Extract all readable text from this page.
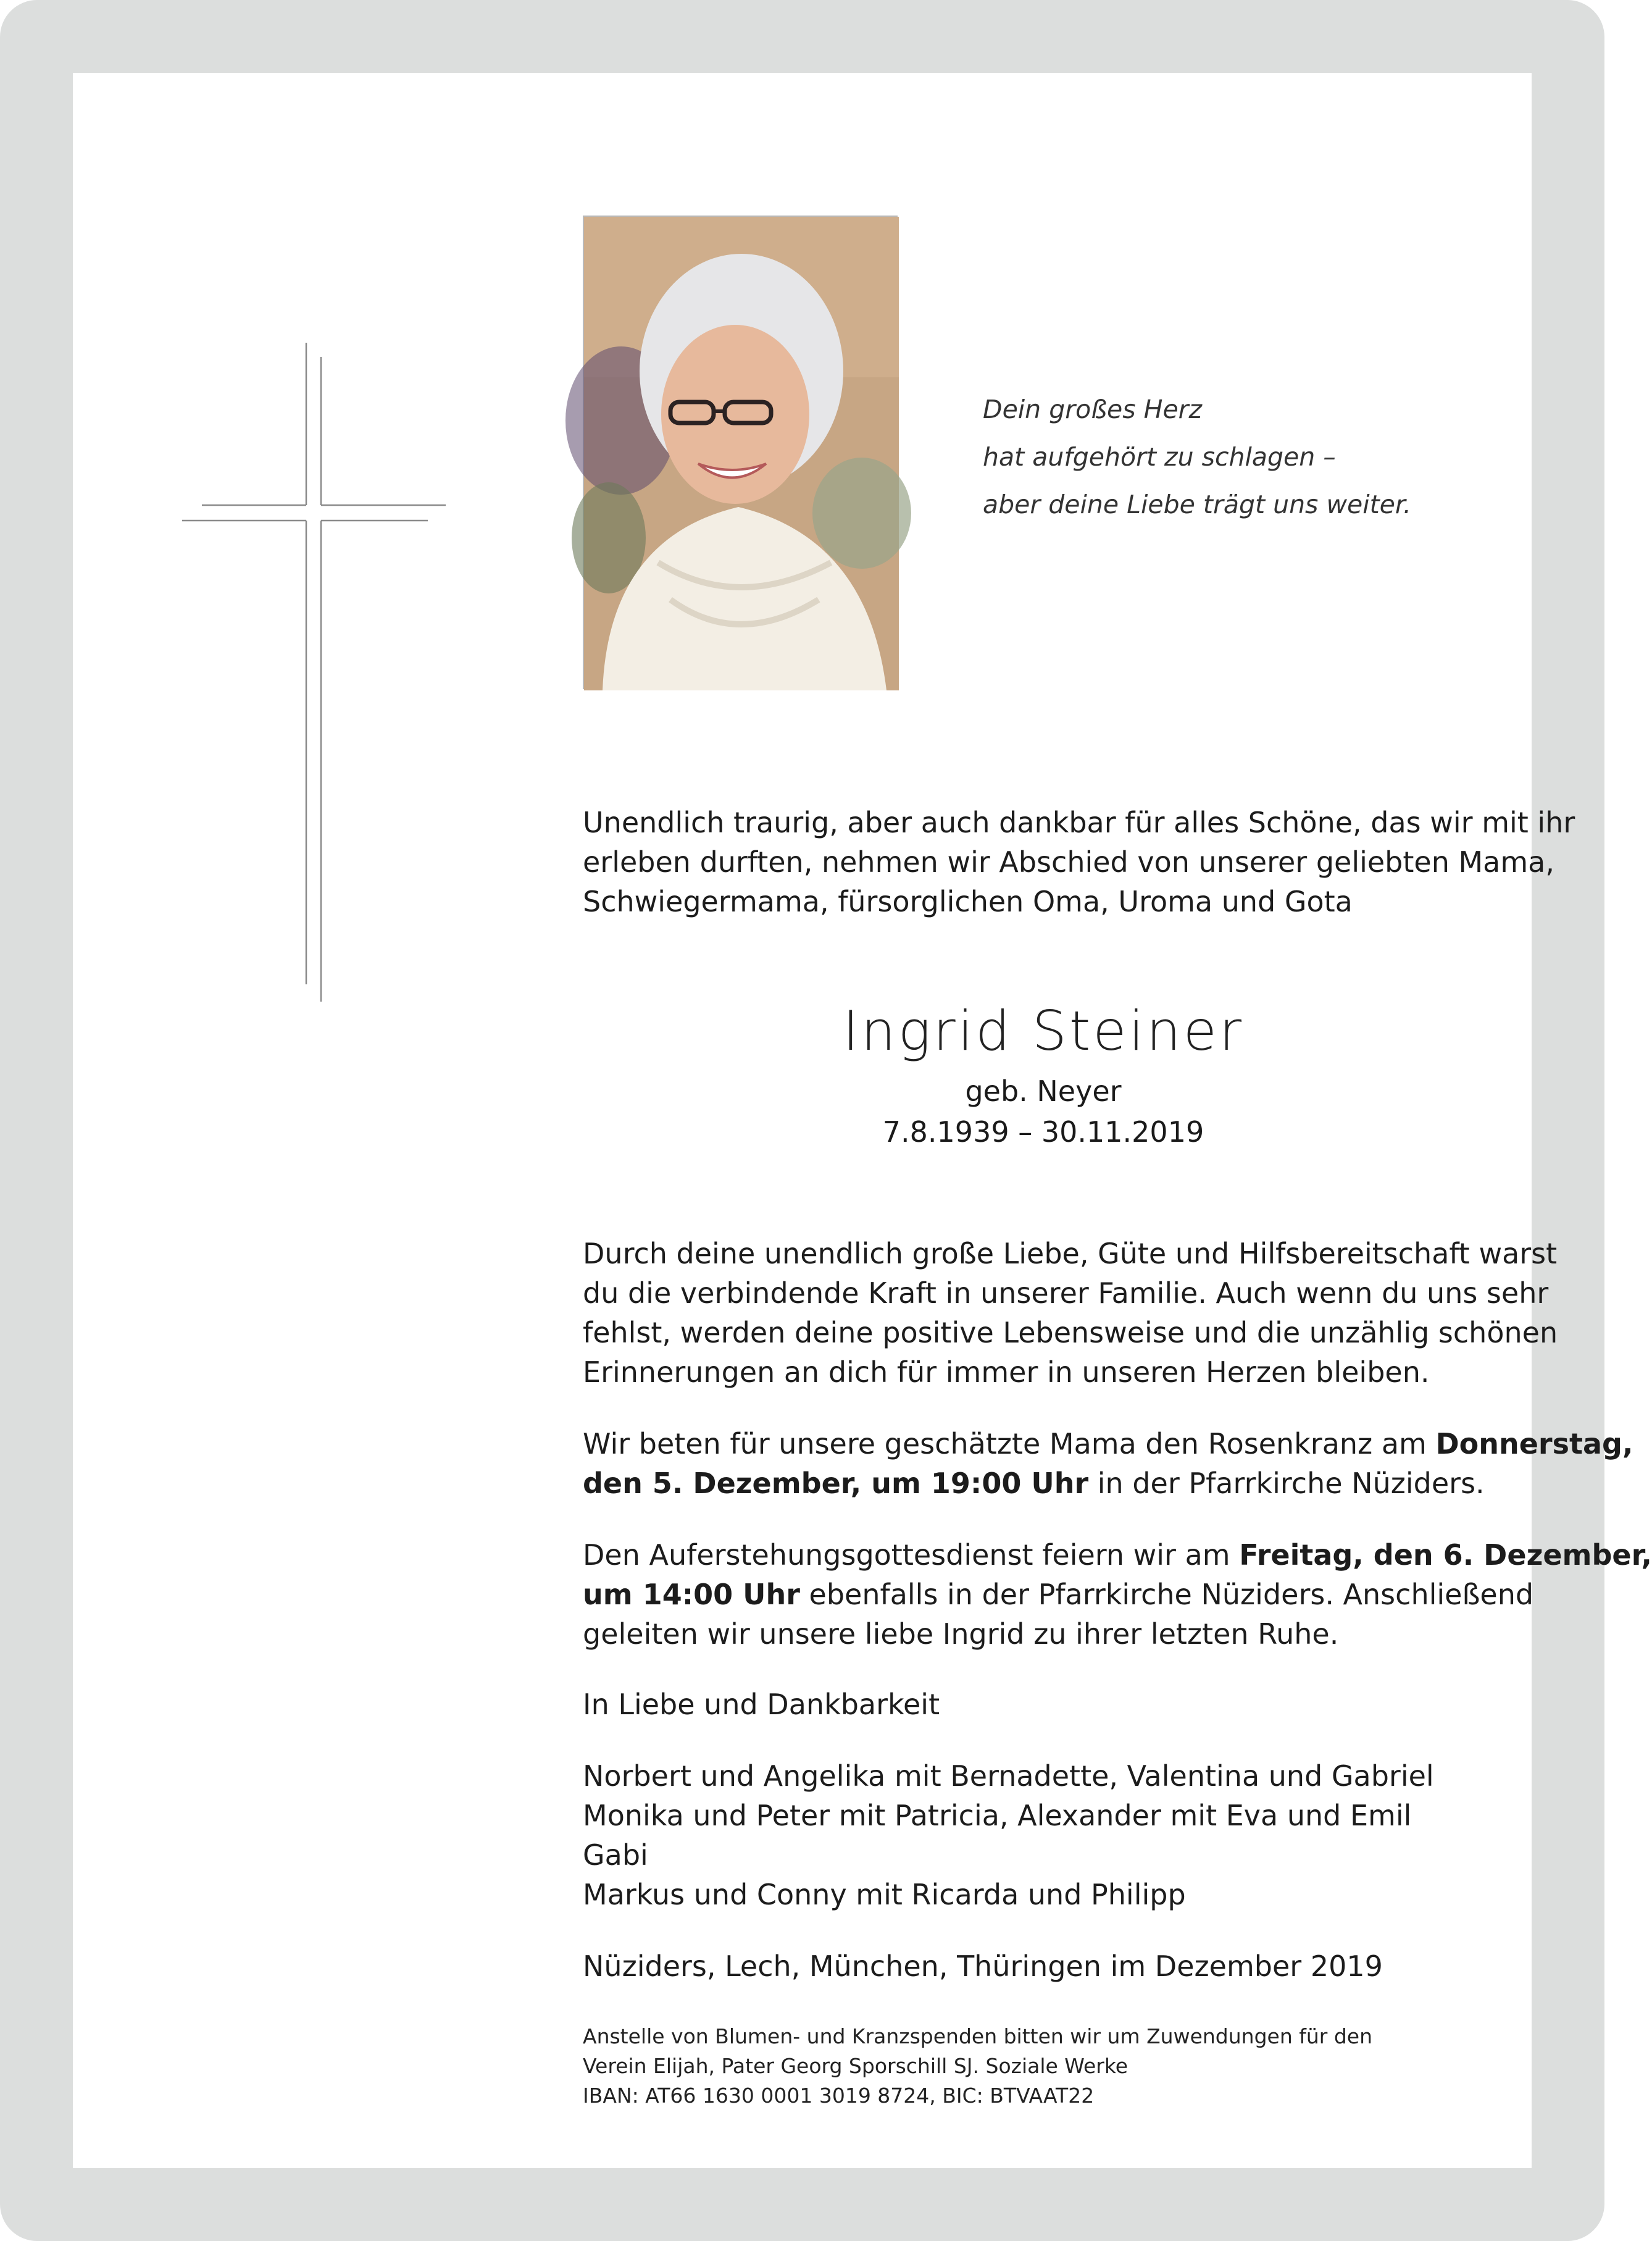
Dein großes Herz
hat aufgehört zu schlagen –
aber deine Liebe trägt uns weiter.
Unendlich traurig, aber auch dankbar für alles Schöne, das wir mit ihr
erleben durften, nehmen wir Abschied von unserer geliebten Mama,
Schwiegermama, fürsorglichen Oma, Uroma und Gota
Ingrid Steiner
geb. Neyer
7.8.1939 – 30.11.2019
Durch deine unendlich große Liebe, Güte und Hilfsbereitschaft warst
du die verbindende Kraft in unserer Familie. Auch wenn du uns sehr
fehlst, werden deine positive Lebensweise und die unzählig schönen
Erinnerungen an dich für immer in unseren Herzen bleiben.
Wir beten für unsere geschätzte Mama den Rosenkranz am Donnerstag,
den 5. Dezember, um 19:00 Uhr in der Pfarrkirche Nüziders.
Den Auferstehungsgottesdienst feiern wir am Freitag, den 6. Dezember,
um 14:00 Uhr ebenfalls in der Pfarrkirche Nüziders. Anschließend
geleiten wir unsere liebe Ingrid zu ihrer letzten Ruhe.
In Liebe und Dankbarkeit
Norbert und Angelika mit Bernadette, Valentina und Gabriel
Monika und Peter mit Patricia, Alexander mit Eva und Emil
Gabi
Markus und Conny mit Ricarda und Philipp
Nüziders, Lech, München, Thüringen im Dezember 2019
Anstelle von Blumen- und Kranzspenden bitten wir um Zuwendungen für den
Verein Elijah, Pater Georg Sporschill SJ. Soziale Werke
IBAN: AT66 1630 0001 3019 8724, BIC: BTVAAT22
